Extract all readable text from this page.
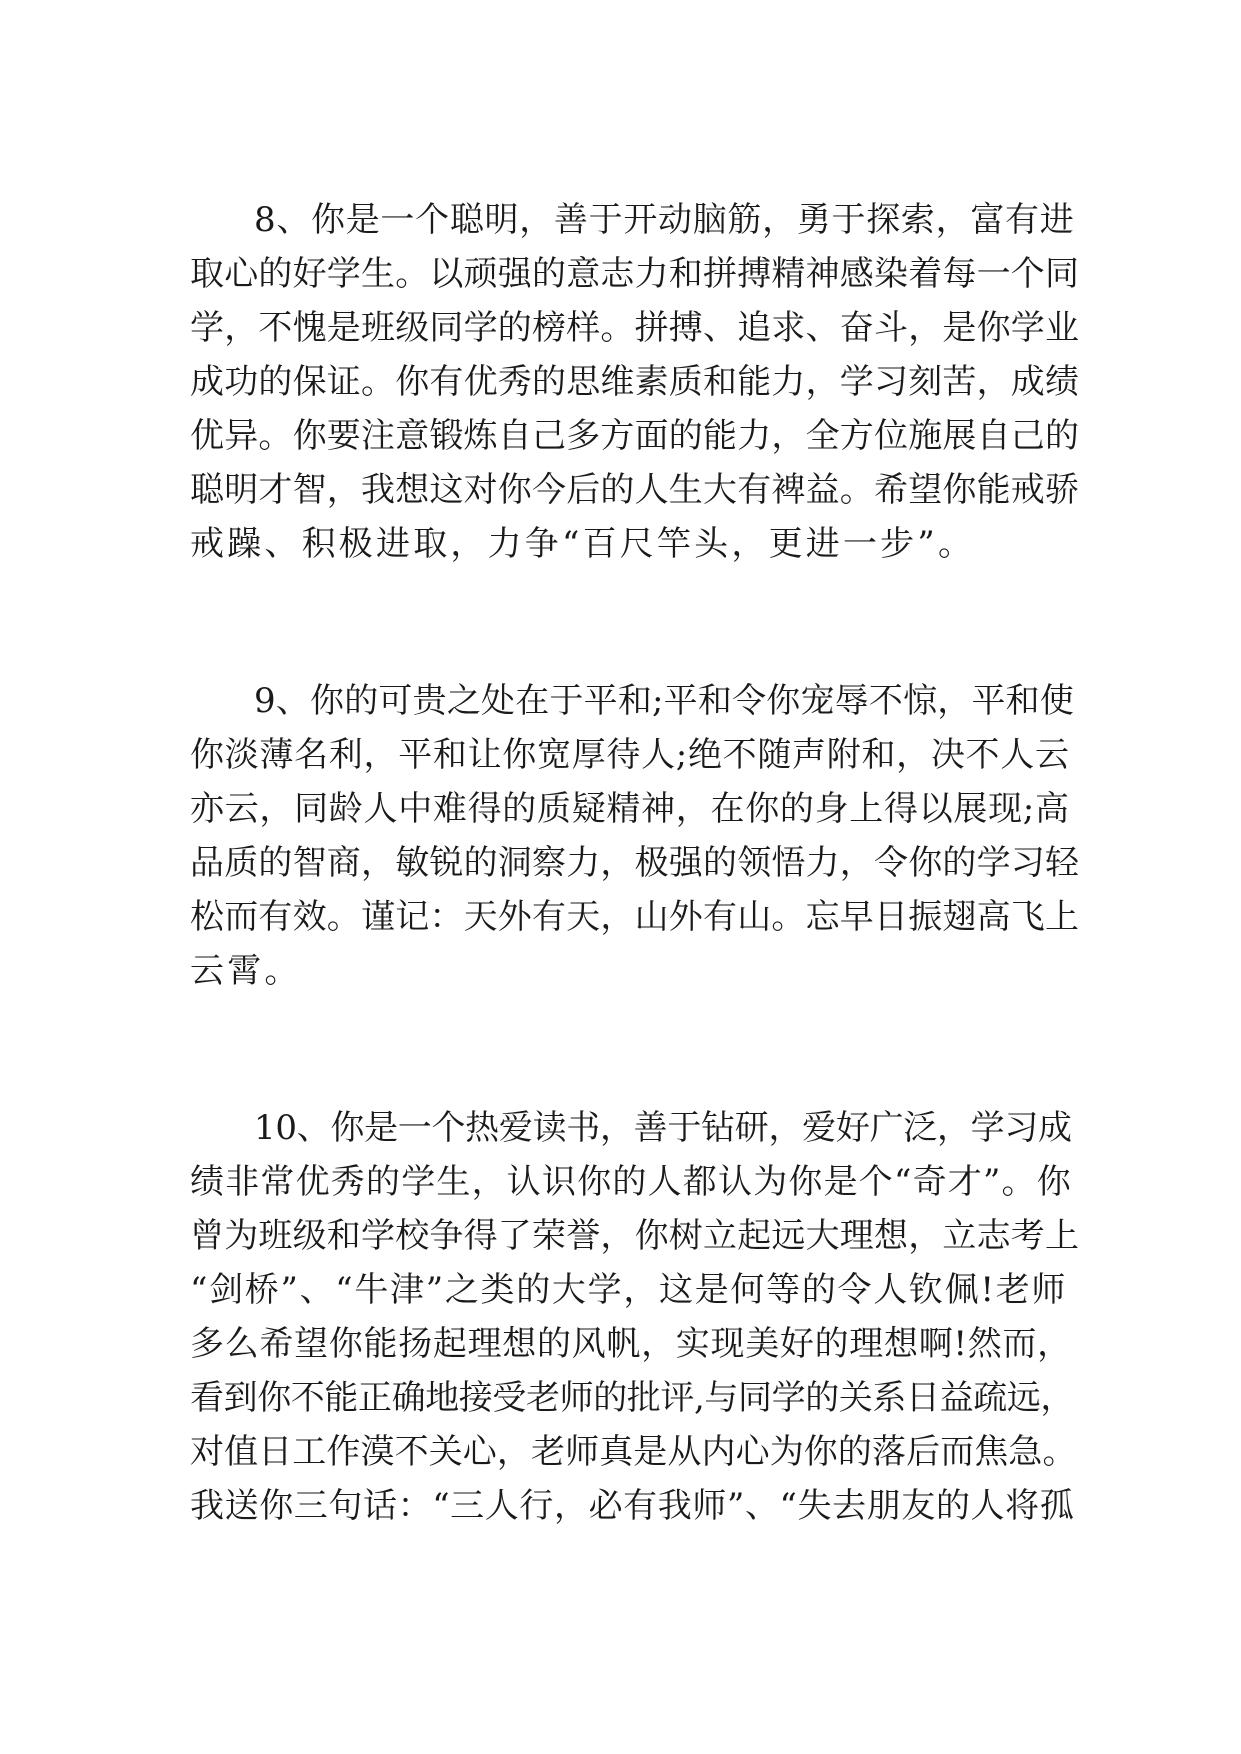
8、你是一个聪明，善于开动脑筋，勇于探索，富有进
取心的好学生。以顽强的意志力和拼搏精神感染着每一个同
学，不愧是班级同学的榜样。拼搏、追求、奋斗，是你学业
成功的保证。你有优秀的思维素质和能力，学习刻苦，成绩
优异。你要注意锻炼自己多方面的能力，全方位施展自己的
聪明才智，我想这对你今后的人生大有裨益。希望你能戒骄
戒躁、积极进取，力争“百尺竿头，更进一步”。
9、你的可贵之处在于平和;平和令你宠辱不惊，平和使
你淡薄名利，平和让你宽厚待人;绝不随声附和，决不人云
亦云，同龄人中难得的质疑精神，在你的身上得以展现;高
品质的智商，敏锐的洞察力，极强的领悟力，令你的学习轻
松而有效。谨记：天外有天，山外有山。忘早日振翅高飞上
云霄。
10、你是一个热爱读书，善于钻研，爱好广泛，学习成
绩非常优秀的学生，认识你的人都认为你是个“奇才”。你
曾为班级和学校争得了荣誉，你树立起远大理想，立志考上
“剑桥”、“牛津”之类的大学，这是何等的令人钦佩!老师
多么希望你能扬起理想的风帆，实现美好的理想啊!然而，
看到你不能正确地接受老师的批评,与同学的关系日益疏远，
对值日工作漠不关心，老师真是从内心为你的落后而焦急。
我送你三句话：“三人行，必有我师”、“失去朋友的人将孤
